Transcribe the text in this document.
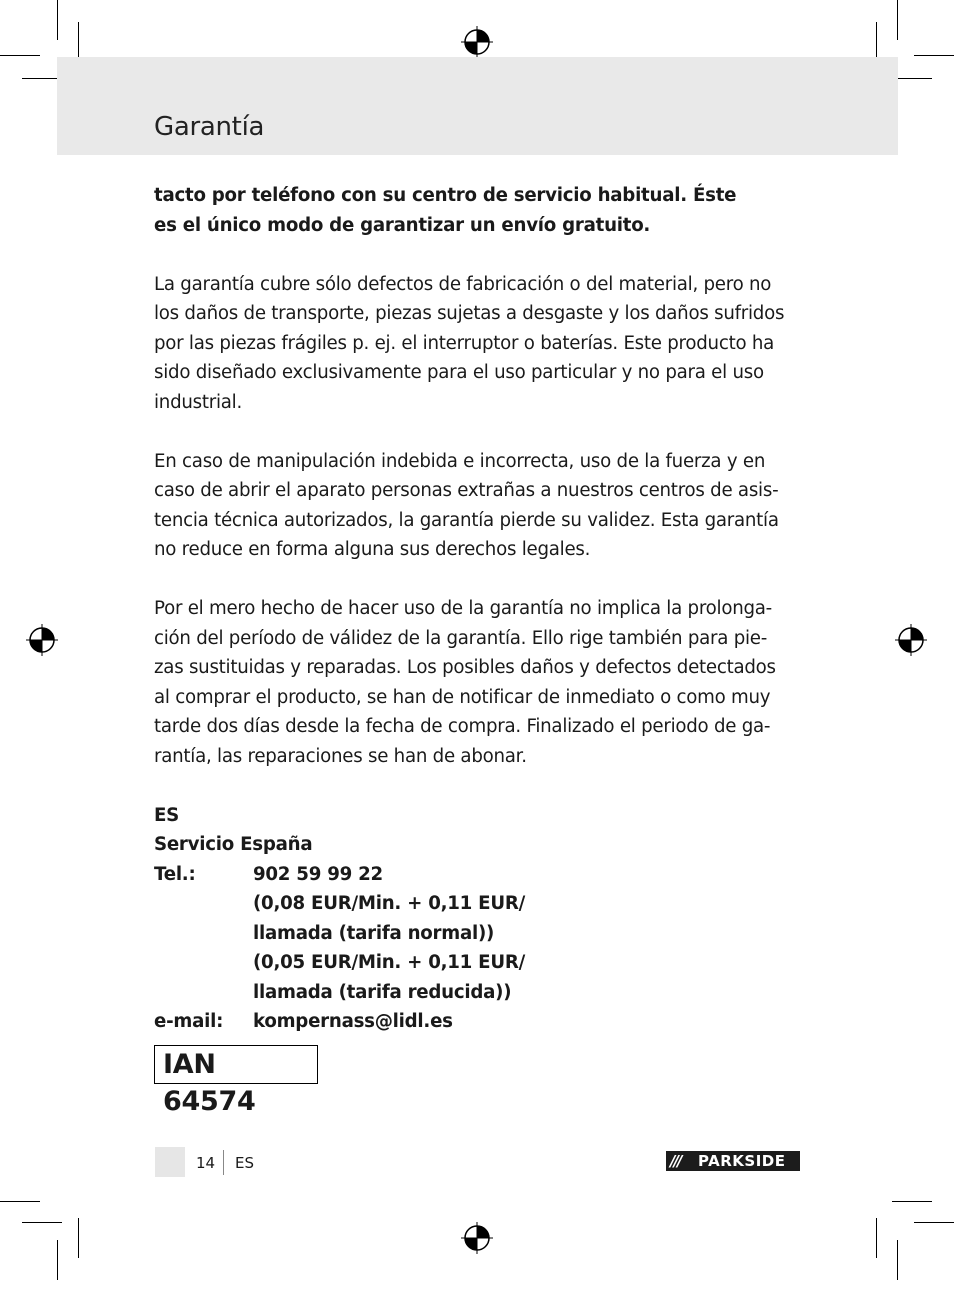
Garantía

tacto por teléfono con su centro de servicio habitual. Éste
es el único modo de garantizar un envío gratuito.

La garantía cubre sólo defectos de fabricación o del material, pero no
los daños de transporte, piezas sujetas a desgaste y los daños sufridos
por las piezas frágiles p. ej. el interruptor o baterías. Este producto ha
sido diseñado exclusivamente para el uso particular y no para el uso
industrial.

En caso de manipulación indebida e incorrecta, uso de la fuerza y en
caso de abrir el aparato personas extrañas a nuestros centros de asis-
tencia técnica autorizados, la garantía pierde su validez. Esta garantía
no reduce en forma alguna sus derechos legales.

Por el mero hecho de hacer uso de la garantía no implica la prolonga-
ción del período de válidez de la garantía. Ello rige también para pie-
zas sustituidas y reparadas. Los posibles daños y defectos detectados
al comprar el producto, se han de notificar de inmediato o como muy
tarde dos días desde la fecha de compra. Finalizado el periodo de ga-
rantía, las reparaciones se han de abonar.

ES
Servicio España
Tel.:	902 59 99 22
(0,08 EUR/Min. + 0,11 EUR/
llamada (tarifa normal))
(0,05 EUR/Min. + 0,11 EUR/
llamada (tarifa reducida))
e-mail:	kompernass@lidl.es
IAN 64574
14 ES	///	PARKSIDE
